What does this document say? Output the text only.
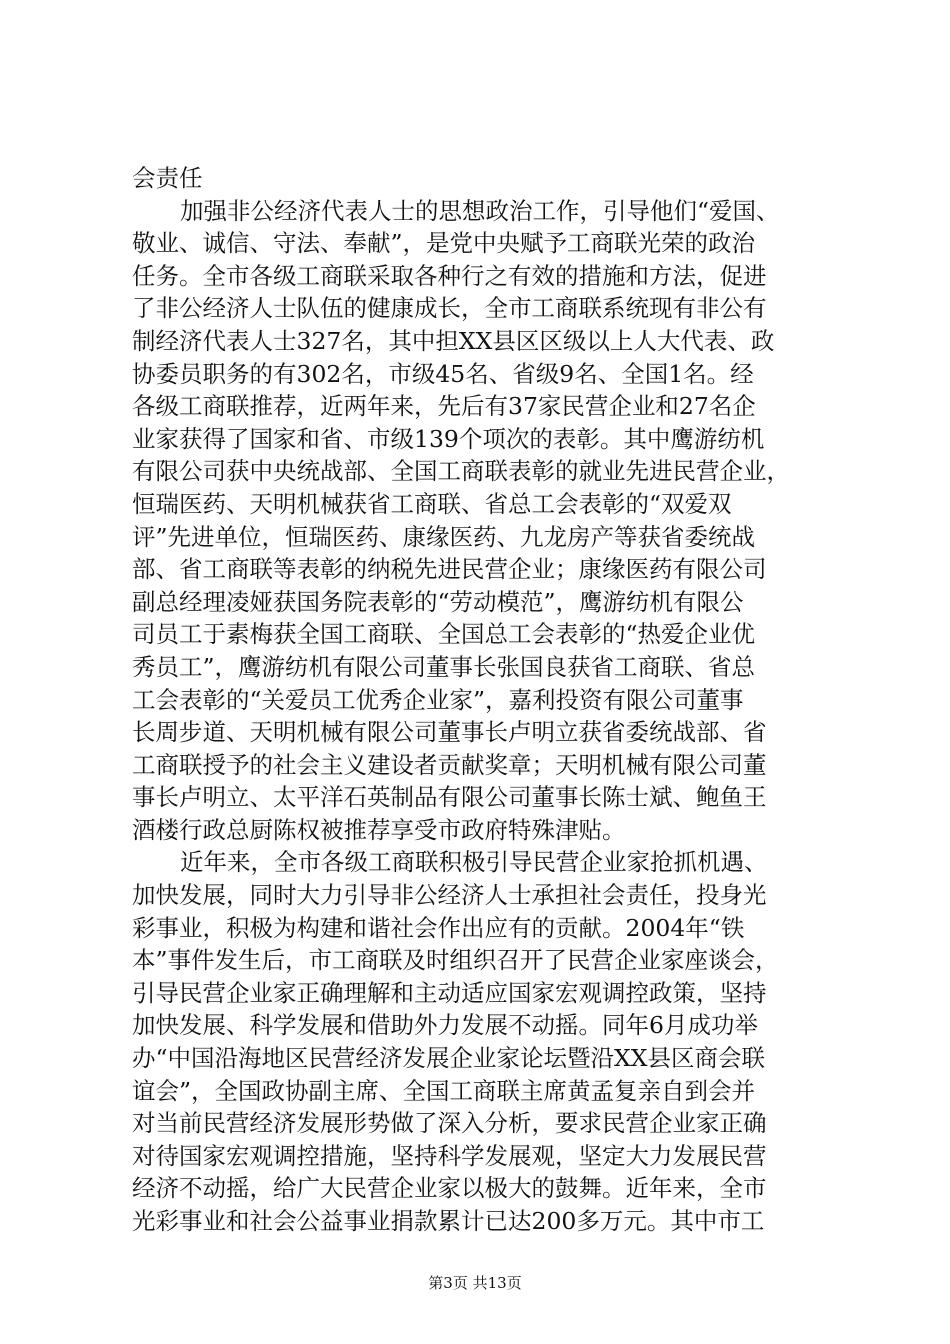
会责任
加强非公经济代表人士的思想政治工作，引导他们“爱国、
敬业、诚信、守法、奉献”，是党中央赋予工商联光荣的政治
任务。全市各级工商联采取各种行之有效的措施和方法，促进
了非公经济人士队伍的健康成长，全市工商联系统现有非公有
制经济代表人士327名，其中担XX县区区级以上人大代表、政
协委员职务的有302名，市级45名、省级9名、全国1名。经
各级工商联推荐，近两年来，先后有37家民营企业和27名企
业家获得了国家和省、市级139个项次的表彰。其中鹰游纺机
有限公司获中央统战部、全国工商联表彰的就业先进民营企业，
恒瑞医药、天明机械获省工商联、省总工会表彰的“双爱双
评”先进单位，恒瑞医药、康缘医药、九龙房产等获省委统战
部、省工商联等表彰的纳税先进民营企业；康缘医药有限公司
副总经理凌娅获国务院表彰的“劳动模范”，鹰游纺机有限公
司员工于素梅获全国工商联、全国总工会表彰的“热爱企业优
秀员工”，鹰游纺机有限公司董事长张国良获省工商联、省总
工会表彰的“关爱员工优秀企业家”，嘉利投资有限公司董事
长周步道、天明机械有限公司董事长卢明立获省委统战部、省
工商联授予的社会主义建设者贡献奖章；天明机械有限公司董
事长卢明立、太平洋石英制品有限公司董事长陈士斌、鲍鱼王
酒楼行政总厨陈权被推荐享受市政府特殊津贴。
近年来，全市各级工商联积极引导民营企业家抢抓机遇、
加快发展，同时大力引导非公经济人士承担社会责任，投身光
彩事业，积极为构建和谐社会作出应有的贡献。2004年“铁
本”事件发生后，市工商联及时组织召开了民营企业家座谈会，
引导民营企业家正确理解和主动适应国家宏观调控政策，坚持
加快发展、科学发展和借助外力发展不动摇。同年6月成功举
办“中国沿海地区民营经济发展企业家论坛暨沿XX县区商会联
谊会”，全国政协副主席、全国工商联主席黄孟复亲自到会并
对当前民营经济发展形势做了深入分析，要求民营企业家正确
对待国家宏观调控措施，坚持科学发展观，坚定大力发展民营
经济不动摇，给广大民营企业家以极大的鼓舞。近年来，全市
光彩事业和社会公益事业捐款累计已达200多万元。其中市工
第3页 共13页
